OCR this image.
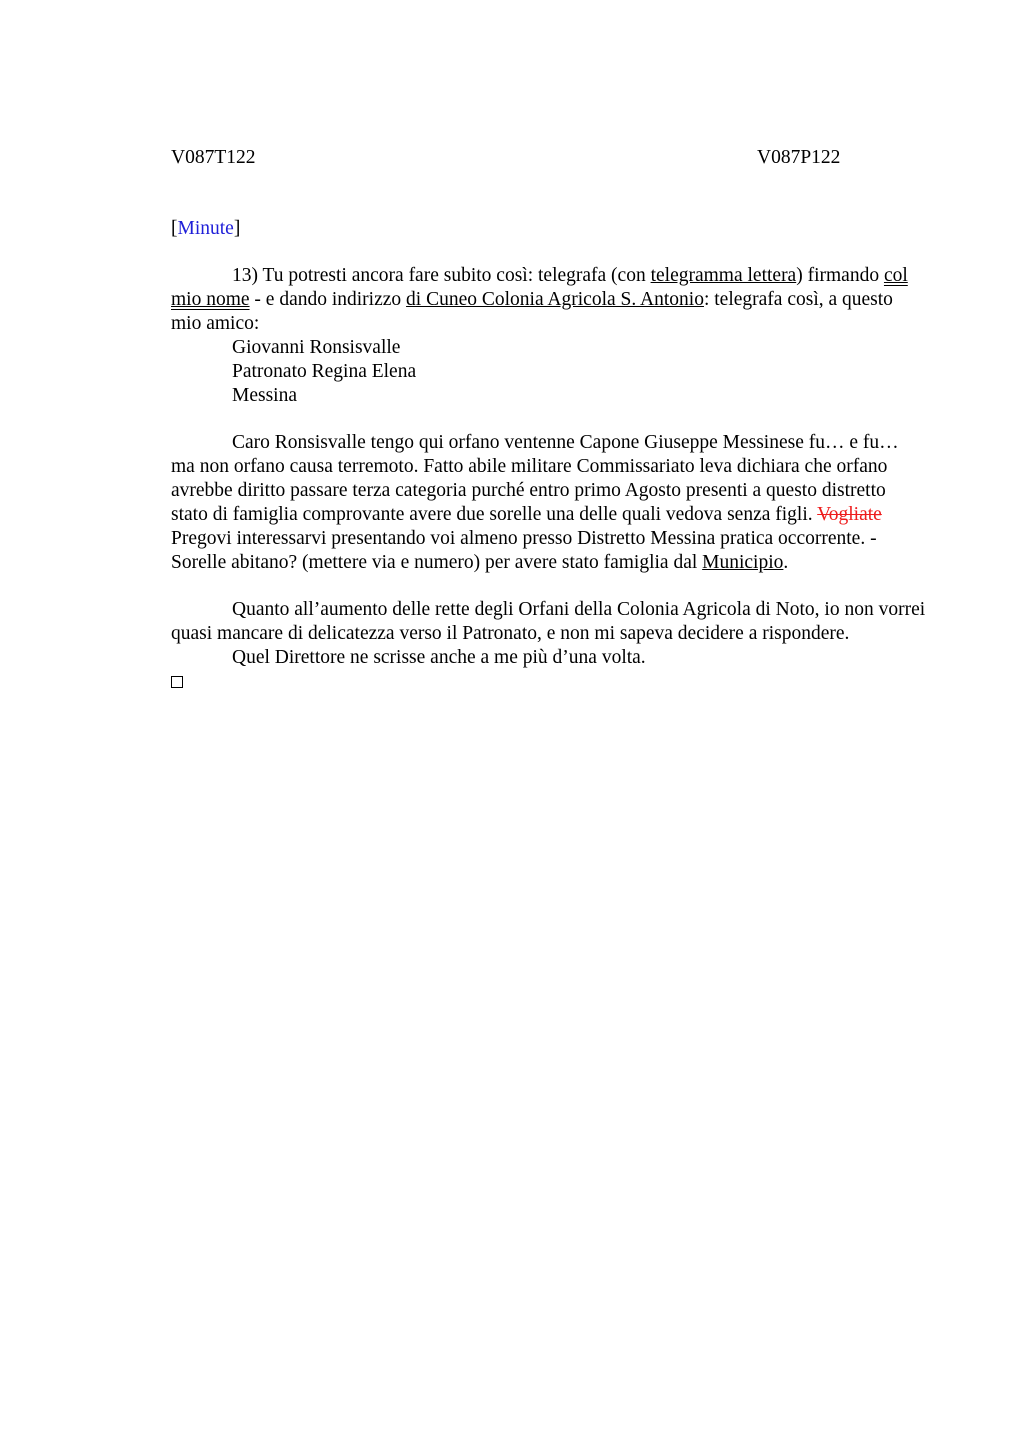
V087T122	V087P122

[Minute]

13) Tu potresti ancora fare subito così: telegrafa (con telegramma lettera) firmando col mio nome - e dando indirizzo di Cuneo Colonia Agricola S. Antonio: telegrafa così, a questo mio amico:

Giovanni Ronsisvalle
Patronato Regina Elena
Messina

Caro Ronsisvalle tengo qui orfano ventenne Capone Giuseppe Messinese fu… e fu… ma non orfano causa terremoto. Fatto abile militare Commissariato leva dichiara che orfano avrebbe diritto passare terza categoria purché entro primo Agosto presenti a questo distretto stato di famiglia comprovante avere due sorelle una delle quali vedova senza figli. Vogliate Pregovi interessarvi presentando voi almeno presso Distretto Messina pratica occorrente. - Sorelle abitano? (mettere via e numero) per avere stato famiglia dal Municipio.

Quanto all’aumento delle rette degli Orfani della Colonia Agricola di Noto, io non vorrei quasi mancare di delicatezza verso il Patronato, e non mi sapeva decidere a rispondere.

Quel Direttore ne scrisse anche a me più d’una volta.
